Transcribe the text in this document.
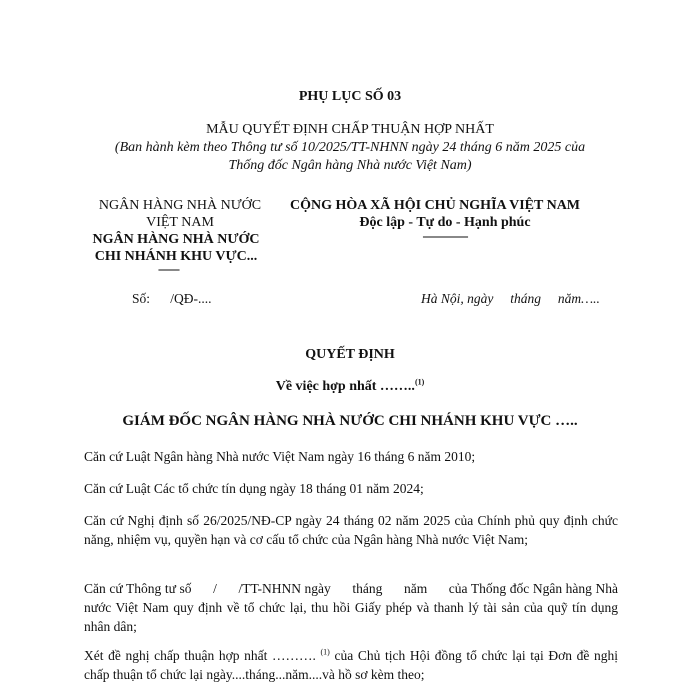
PHỤ LỤC SỐ 03
MẪU QUYẾT ĐỊNH CHẤP THUẬN HỢP NHẤT
(Ban hành kèm theo Thông tư số 10/2025/TT-NHNN ngày 24 tháng 6 năm 2025 của
Thống đốc Ngân hàng Nhà nước Việt Nam)
NGÂN HÀNG NHÀ NƯỚC
VIỆT NAM
NGÂN HÀNG NHÀ NƯỚC
CHI NHÁNH KHU VỰC...
-------
Số:      /QĐ-....
CỘNG HÒA XÃ HỘI CHỦ NGHĨA VIỆT NAM
Độc lập - Tự do - Hạnh phúc
---------------
Hà Nội, ngày     tháng     năm…..
QUYẾT ĐỊNH
Về việc hợp nhất ……..$^{(1)}$
GIÁM ĐỐC NGÂN HÀNG NHÀ NƯỚC CHI NHÁNH KHU VỰC …..
Căn cứ Luật Ngân hàng Nhà nước Việt Nam ngày 16 tháng 6 năm 2010;
Căn cứ Luật Các tổ chức tín dụng ngày 18 tháng 01 năm 2024;
Căn cứ Nghị định số 26/2025/NĐ-CP ngày 24 tháng 02 năm 2025 của Chính phủ quy định chức năng, nhiệm vụ, quyền hạn và cơ cấu tổ chức của Ngân hàng Nhà nước Việt Nam;
Căn cứ Thông tư số      /      /TT-NHNN ngày      tháng      năm      của Thống đốc Ngân hàng Nhà nước Việt Nam quy định về tổ chức lại, thu hồi Giấy phép và thanh lý tài sản của quỹ tín dụng nhân dân;
Xét đề nghị chấp thuận hợp nhất ………. $^{(1)}$ của Chủ tịch Hội đồng tổ chức lại tại Đơn đề nghị chấp thuận tổ chức lại ngày....tháng...năm....và hồ sơ kèm theo;
